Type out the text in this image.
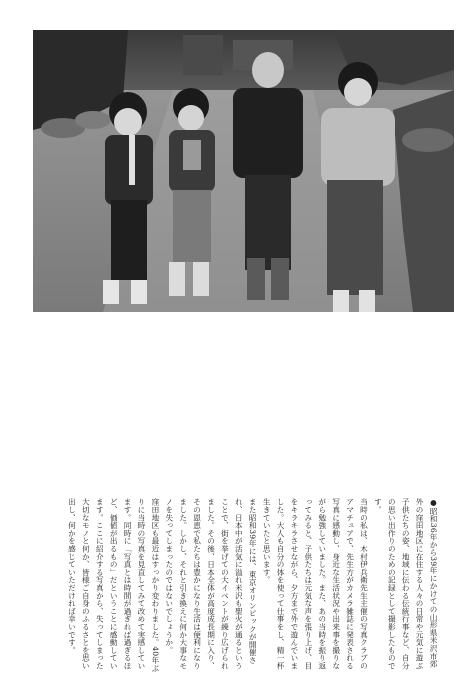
●昭和36年から39年にかけての山形県米沢市郊外の窪田地区に在住する人々の日常や元気に遊ぶ子供たちの姿、地域に伝わる伝統行事など、自分の思い出作りのための記録として撮影したものです。

当時の私は、木村伊兵衛先生主催の写真クラブのアマチュアで、先生方がカメラ雑誌に発表される写真に感動し、身近な生活状況や出来事を撮りながら勉強していました。また、あの当時を振り返ってみると、子供たちは元気な声を張り上げ、目をキラキラさせながら、夕方まで外で遊んでいました。大人も自分の体を使って仕事をし、精一杯生きていたと思います。

また昭和39年には、東京オリンピックが開催され、日本中が活気に溢れ米沢も聖火が通るということで、街を挙げての大イベントが繰り広げられました。その後、日本全体が高度成長期に入り、その恩恵で私たちは豊かになり生活は便利になりました。しかし、それと引き換えに何か大事なモノを失ってしまったのではないでしょうか。

窪田地区も最近はすっかり変わりました。40年ぶりに当時の写真を見直してみて改めて実感しています。同時に「写真とは時間が過ぎれば過ぎるほど、価値が出るもの」だということに感動しています。ここに紹介する写真から、失ってしまった大切なモノと何か、皆様ご自身のふるさとを思い出し、何かを感じていただければ幸いです。
